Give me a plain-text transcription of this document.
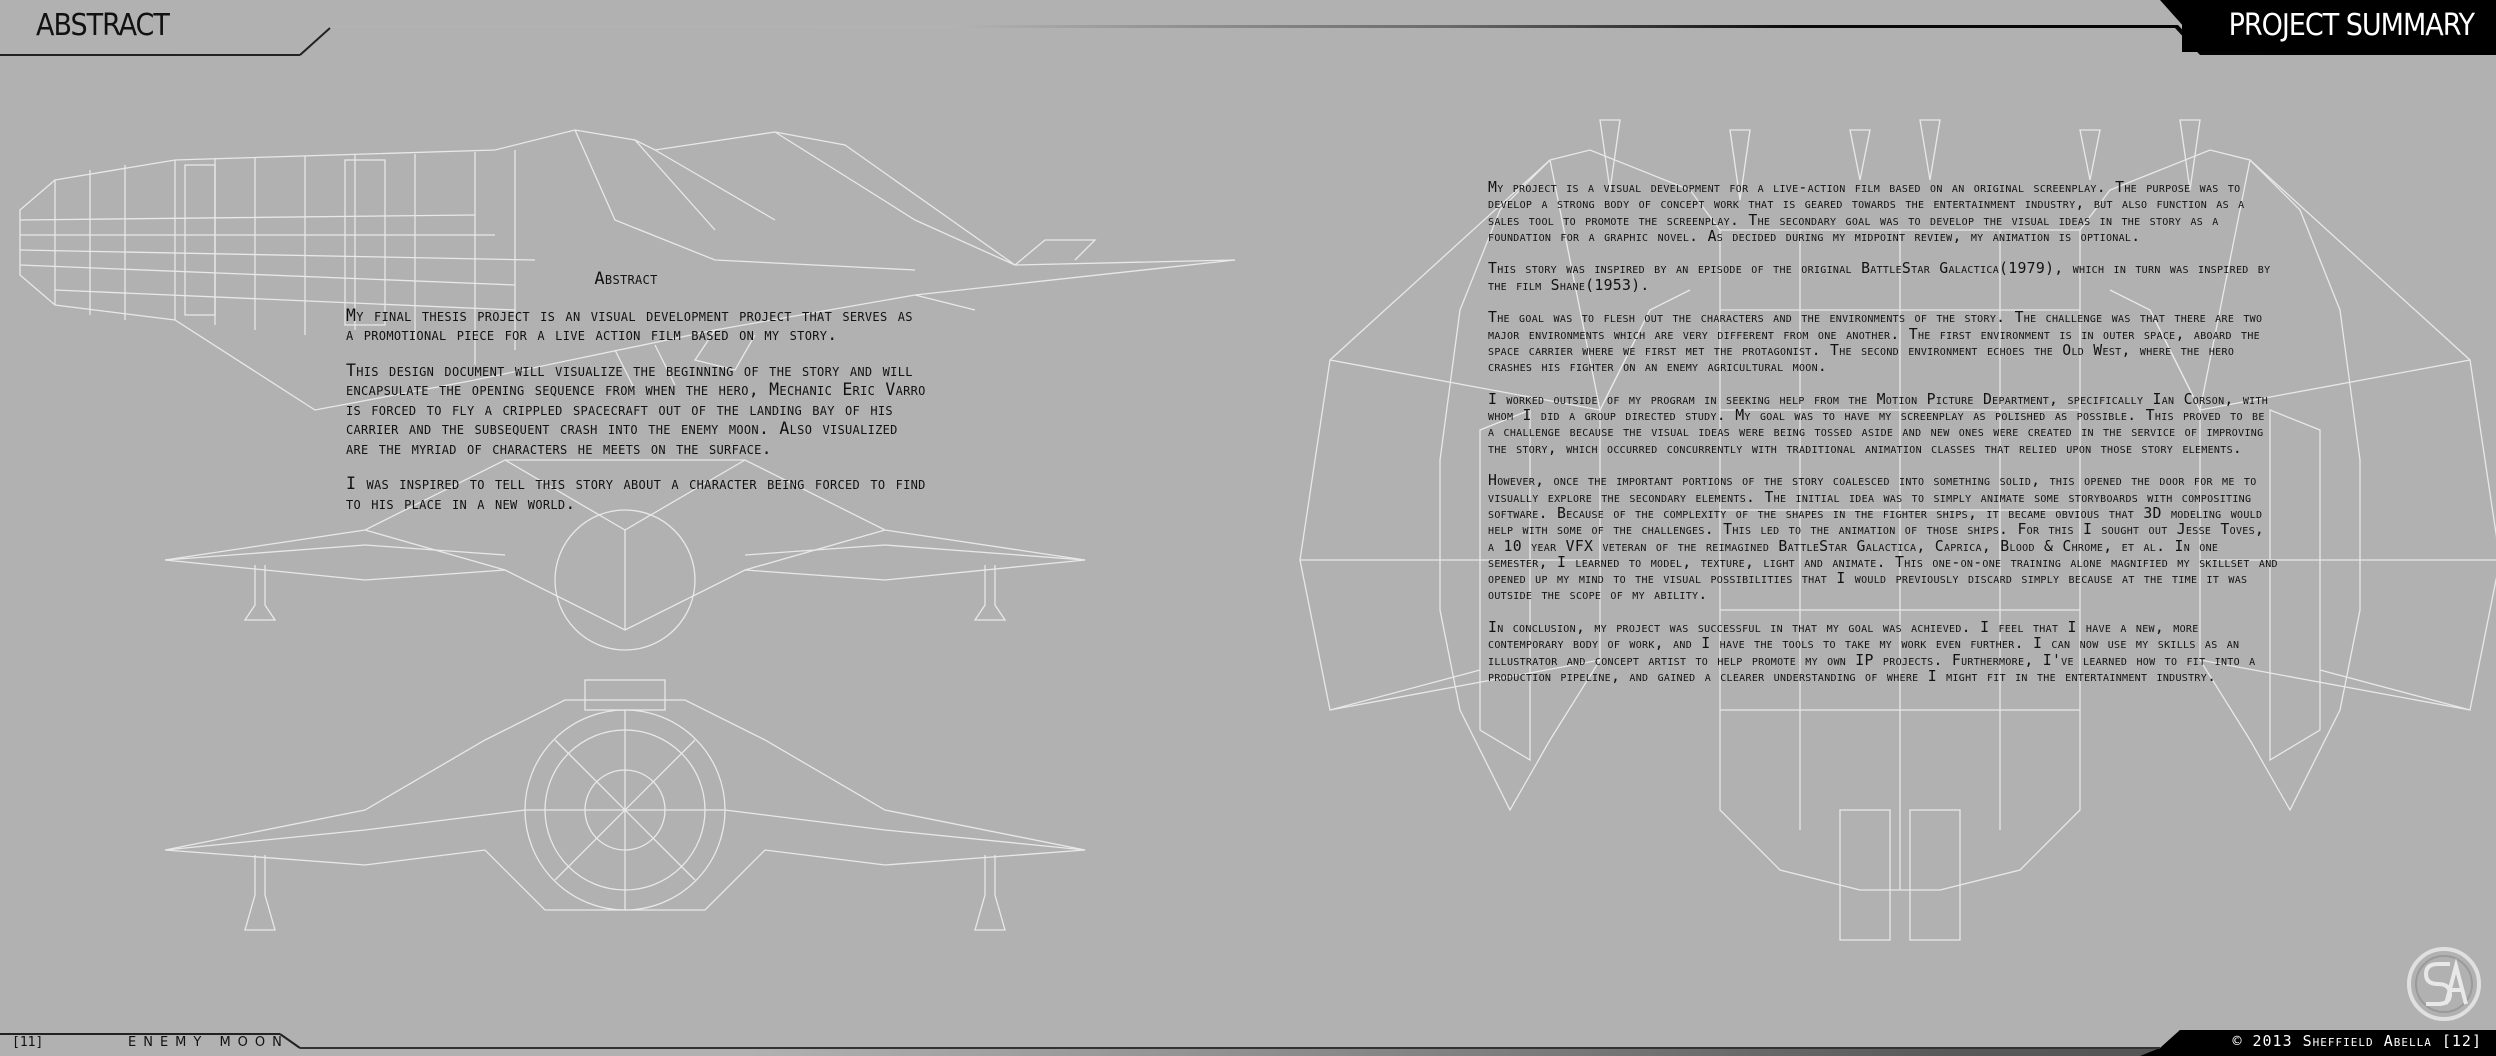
ABSTRACT	PROJECT SUMMARY
Abstract

My final thesis project is an visual development project that serves as a promotional piece for a live action film based on my story.

This design document will visualize the beginning of the story and will encapsulate the opening sequence from when the hero, Mechanic Eric Varro is forced to fly a crippled spacecraft out of the landing bay of his carrier and the subsequent crash into the enemy moon. Also visualized are the myriad of characters he meets on the surface.

I was inspired to tell this story about a character being forced to find to his place in a new world.

My project is a visual development for a live-action film based on an original screenplay. The purpose was to develop a strong body of concept work that is geared towards the entertainment industry, but also function as a sales tool to promote the screenplay. The secondary goal was to develop the visual ideas in the story as a foundation for a graphic novel. As decided during my midpoint review, my animation is optional.

This story was inspired by an episode of the original BattleStar Galactica(1979), which in turn was inspired by the film Shane(1953).

The goal was to flesh out the characters and the environments of the story. The challenge was that there are two major environments which are very different from one another. The first environment is in outer space, aboard the space carrier where we first met the protagonist. The second environment echoes the Old West, where the hero crashes his fighter on an enemy agricultural moon.

I worked outside of my program in seeking help from the Motion Picture Department, specifically Ian Corson, with whom I did a group directed study. My goal was to have my screenplay as polished as possible. This proved to be a challenge because the visual ideas were being tossed aside and new ones were created in the service of improving the story, which occurred concurrently with traditional animation classes that relied upon those story elements.

However, once the important portions of the story coalesced into something solid, this opened the door for me to visually explore the secondary elements. The initial idea was to simply animate some storyboards with compositing software. Because of the complexity of the shapes in the fighter ships, it became obvious that 3D modeling would help with some of the challenges. This led to the animation of those ships. For this I sought out Jesse Toves, a 10 year VFX veteran of the reimagined BattleStar Galactica, Caprica, Blood & Chrome, et al. In one semester, I learned to model, texture, light and animate. This one-on-one training alone magnified my skillset and opened up my mind to the visual possibilities that I would previously discard simply because at the time it was outside the scope of my ability.

In conclusion, my project was successful in that my goal was achieved. I feel that I have a new, more contemporary body of work, and I have the tools to take my work even further. I can now use my skills as an illustrator and concept artist to help promote my own IP projects. Furthermore, I've learned how to fit into a production pipeline, and gained a clearer understanding of where I might fit in the entertainment industry.

[11]	ENEMY MOON	© 2013 Sheffield Abella [12]
